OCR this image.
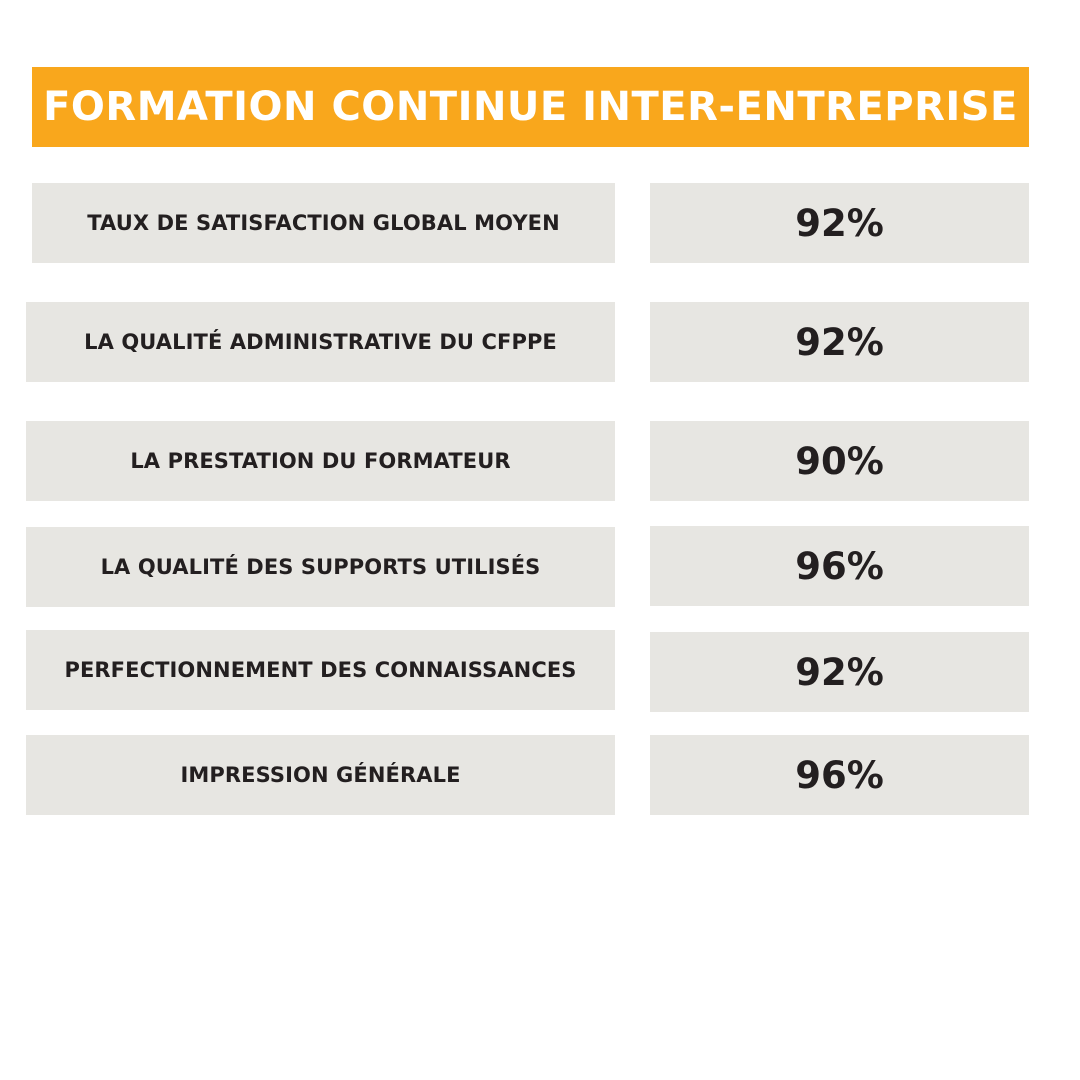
FORMATION CONTINUE INTER-ENTREPRISE
TAUX DE SATISFACTION GLOBAL MOYEN	92%
LA QUALITÉ ADMINISTRATIVE DU CFPPE	92%
LA PRESTATION DU FORMATEUR	90%
LA QUALITÉ DES SUPPORTS UTILISÉS	96%
PERFECTIONNEMENT DES CONNAISSANCES	92%
IMPRESSION GÉNÉRALE	96%
